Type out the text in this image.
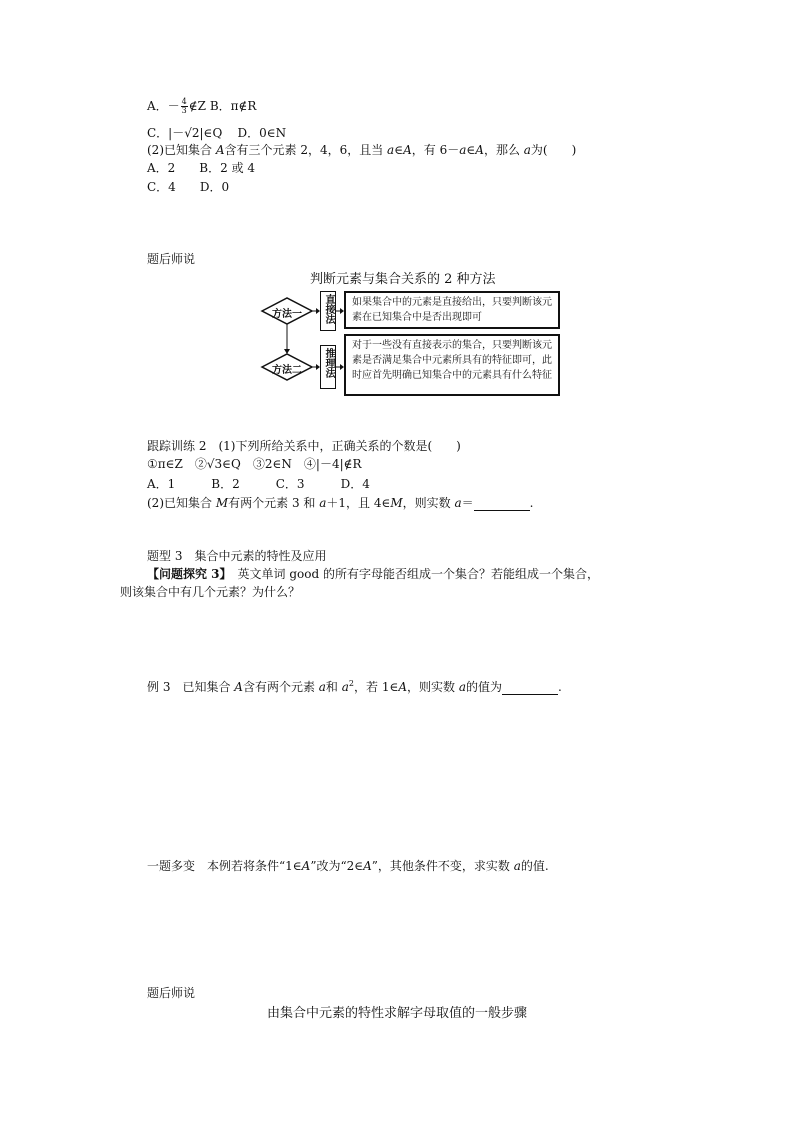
A．－ $\frac{4}{3}$ ∉Z B．π∉R
C．|－√2|∈Q D．0∈N
(2)已知集合 A含有三个元素 2，4，6，且当 a∈A，有 6－a∈A，那么 a为(　　)
A．2　　B．2 或 4
C．4　　D．0
题后师说
判断元素与集合关系的 2 种方法
方法一
方法二
直接法
推理法
如果集合中的元素是直接给出，只要判断该元素在已知集合中是否出现即可
对于一些没有直接表示的集合，只要判断该元素是否满足集合中元素所具有的特征即可，此时应首先明确已知集合中的元素具有什么特征
跟踪训练 2　(1)下列所给关系中，正确关系的个数是(　　)
①π∈Z　②√3∈Q　③2∈N　④|－4|∉R
A．1　　　B．2　　　C．3　　　D．4
(2)已知集合 M有两个元素 3 和 a＋1，且 4∈M，则实数 a＝	.
题型 3　集合中元素的特性及应用
【问题探究 3】　英文单词 good 的所有字母能否组成一个集合？若能组成一个集合，
则该集合中有几个元素？为什么？
例 3　已知集合 A含有两个元素 a和 $a^2$，若 1∈A，则实数 a的值为	.
一题多变　本例若将条件“1∈A”改为“2∈A”，其他条件不变，求实数 a的值.
题后师说
由集合中元素的特性求解字母取值的一般步骤
